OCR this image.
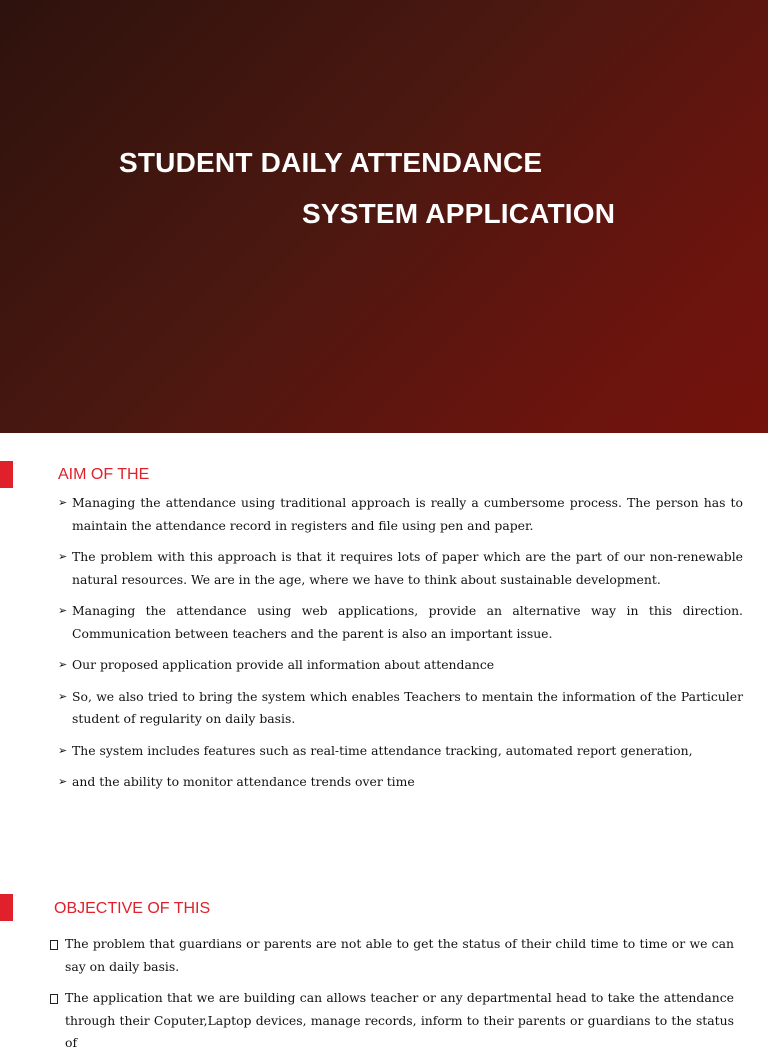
STUDENT DAILY ATTENDANCE
SYSTEM APPLICATION
AIM OF THE
➢ Managing the attendance using traditional approach is really a cumbersome process. The person has to maintain the attendance record in registers and file using pen and paper.
➢ The problem with this approach is that it requires lots of paper which are the part of our non-renewable natural resources. We are in the age, where we have to think about sustainable development.
➢ Managing the attendance using web applications, provide an alternative way in this direction. Communication between teachers and the parent is also an important issue.
➢ Our proposed application provide all information about attendance
➢ So, we also tried to bring the system which enables Teachers to mentain the information of the Particuler student of regularity on daily basis.
➢ The system includes features such as real-time attendance tracking, automated report generation,
➢ and the ability to monitor attendance trends over time
OBJECTIVE OF THIS
The problem that guardians or parents are not able to get the status of their child time to time or we can say on daily basis.
The application that we are building can allows teacher or any departmental head to take the attendance through their Coputer,Laptop devices, manage records, inform to their parents or guardians to the status of
